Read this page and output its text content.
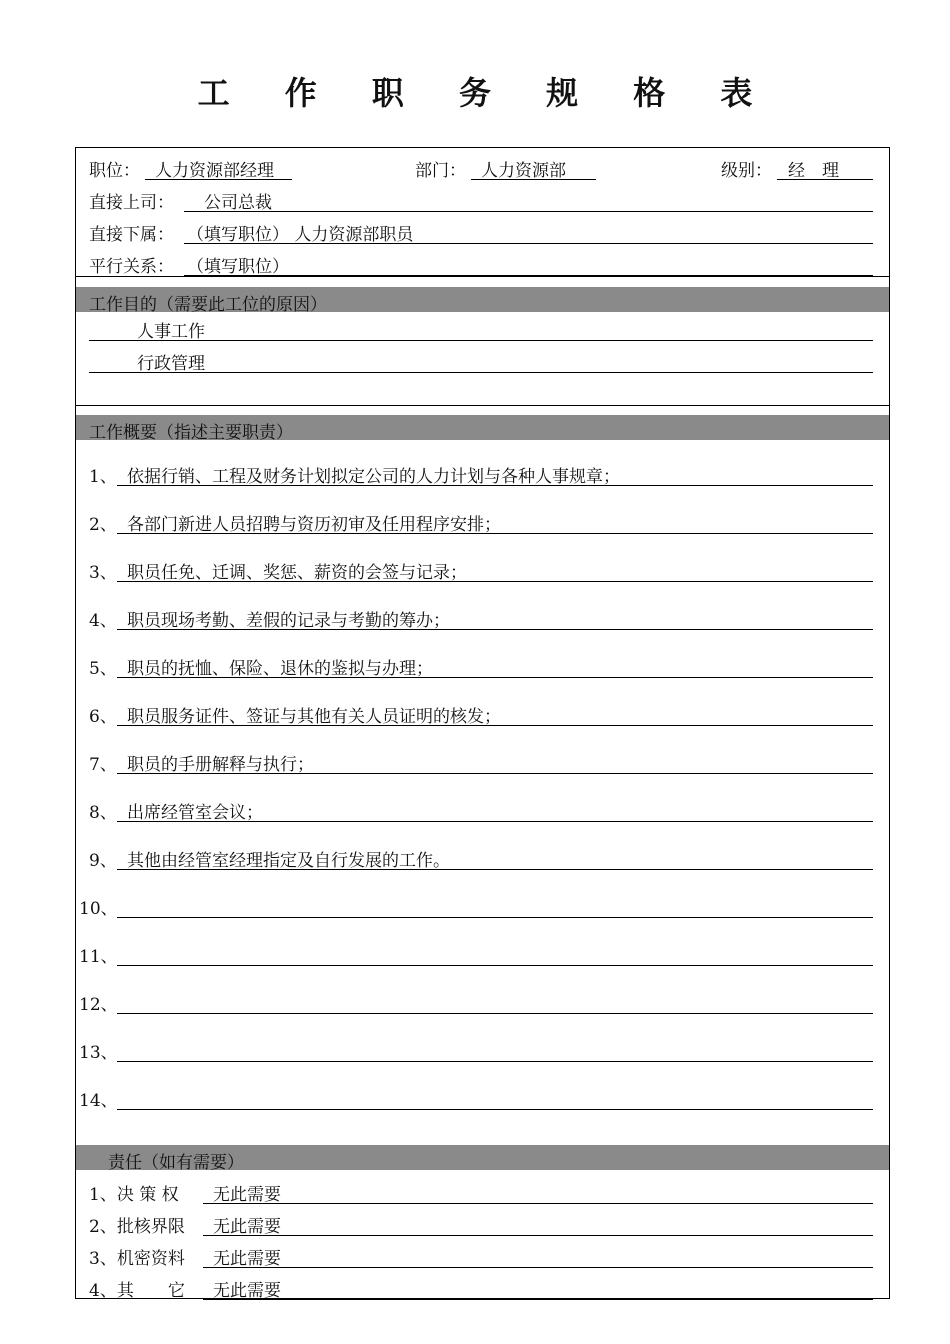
工 作 职 务 规 格 表
职位： 人力资源部经理	部门： 人力资源部	级别： 经　理
直接上司： 公司总裁
直接下属： （填写职位） 人力资源部职员
平行关系： （填写职位）
工作目的（需要此工位的原因）
人事工作
行政管理
工作概要（指述主要职责）
1、 依据行销、工程及财务计划拟定公司的人力计划与各种人事规章；
2、 各部门新进人员招聘与资历初审及任用程序安排；
3、 职员任免、迁调、奖惩、薪资的会签与记录；
4、 职员现场考勤、差假的记录与考勤的筹办；
5、 职员的抚恤、保险、退休的鉴拟与办理；
6、 职员服务证件、签证与其他有关人员证明的核发；
7、 职员的手册解释与执行；
8、 出席经管室会议；
9、 其他由经管室经理指定及自行发展的工作。
10、
11、
12、
13、
14、
责任（如有需要）
1、决 策 权 无此需要
2、批核界限 无此需要
3、机密资料 无此需要
4、其　　它 无此需要
